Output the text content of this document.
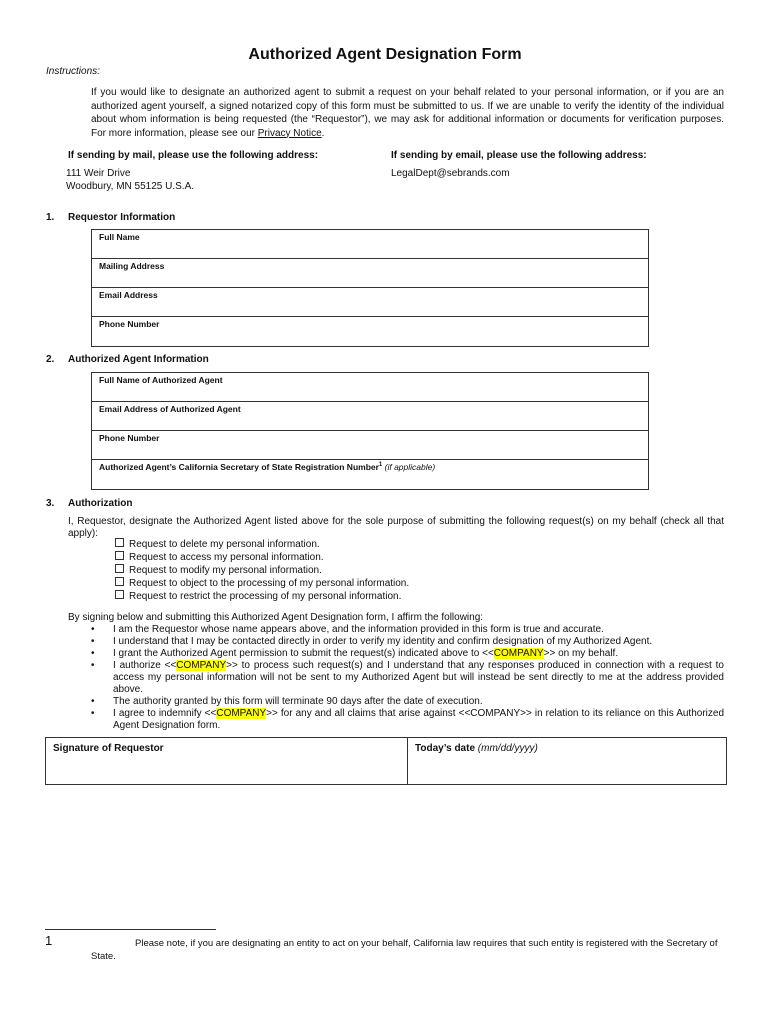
Authorized Agent Designation Form
Instructions:
If you would like to designate an authorized agent to submit a request on your behalf related to your personal information, or if you are an authorized agent yourself, a signed notarized copy of this form must be submitted to us. If we are unable to verify the identity of the individual about whom information is being requested (the “Requestor”), we may ask for additional information or documents for verification purposes. For more information, please see our Privacy Notice.
If sending by mail, please use the following address:
111 Weir Drive
Woodbury, MN 55125 U.S.A.
If sending by email, please use the following address:
LegalDept@sebrands.com
1. Requestor Information
Full Name
Mailing Address
Email Address
Phone Number
2. Authorized Agent Information
Full Name of Authorized Agent
Email Address of Authorized Agent
Phone Number
Authorized Agent’s California Secretary of State Registration Number$^1$ (if applicable)
3. Authorization
I, Requestor, designate the Authorized Agent listed above for the sole purpose of submitting the following request(s) on my behalf (check all that apply):
Request to delete my personal information.
Request to access my personal information.
Request to modify my personal information.
Request to object to the processing of my personal information.
Request to restrict the processing of my personal information.
By signing below and submitting this Authorized Agent Designation form, I affirm the following:
•	I am the Requestor whose name appears above, and the information provided in this form is true and accurate.
•	I understand that I may be contacted directly in order to verify my identity and confirm designation of my Authorized Agent.
•	I grant the Authorized Agent permission to submit the request(s) indicated above to <<COMPANY>> on my behalf.
•	I authorize <<COMPANY>> to process such request(s) and I understand that any responses produced in connection with a request to access my personal information will not be sent to my Authorized Agent but will instead be sent directly to me at the address provided above.
•	The authority granted by this form will terminate 90 days after the date of execution.
•	I agree to indemnify <<COMPANY>> for any and all claims that arise against <<COMPANY>> in relation to its reliance on this Authorized Agent Designation form.
Signature of Requestor	Today’s date (mm/dd/yyyy)
1	Please note, if you are designating an entity to act on your behalf, California law requires that such entity is registered with the Secretary of State.
